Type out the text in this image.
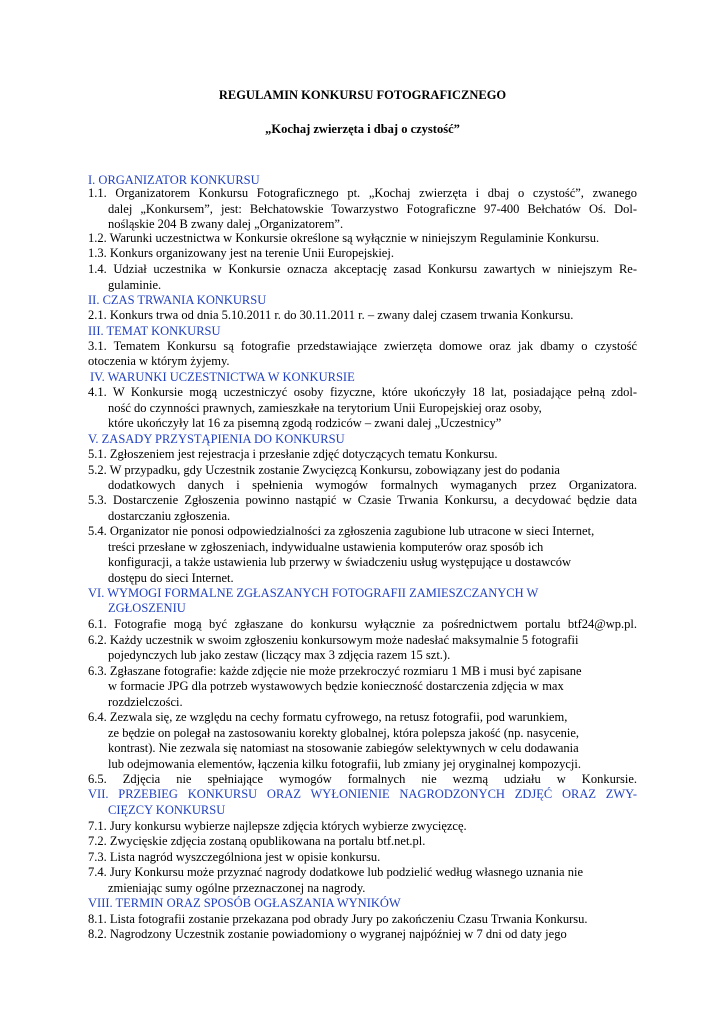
REGULAMIN KONKURSU FOTOGRAFICZNEGO
„Kochaj zwierzęta i dbaj o czystość”
I. ORGANIZATOR KONKURSU
1.1. Organizatorem Konkursu Fotograficznego pt. „Kochaj zwierzęta i dbaj o czystość”, zwanego
dalej „Konkursem”, jest: Bełchatowskie Towarzystwo Fotograficzne 97-400 Bełchatów Oś. Dol-
nośląskie 204 B zwany dalej „Organizatorem”.
1.2. Warunki uczestnictwa w Konkursie określone są wyłącznie w niniejszym Regulaminie Konkursu.
1.3. Konkurs organizowany jest na terenie Unii Europejskiej.
1.4. Udział uczestnika w Konkursie oznacza akceptację zasad Konkursu zawartych w niniejszym Re-
gulaminie.
II. CZAS TRWANIA KONKURSU
2.1. Konkurs trwa od dnia 5.10.2011 r. do 30.11.2011 r. – zwany dalej czasem trwania Konkursu.
III. TEMAT KONKURSU
3.1. Tematem Konkursu są fotografie przedstawiające zwierzęta domowe oraz jak dbamy o czystość
otoczenia w którym żyjemy.
IV. WARUNKI UCZESTNICTWA W KONKURSIE
4.1. W Konkursie mogą uczestniczyć osoby fizyczne, które ukończyły 18 lat, posiadające pełną zdol-
ność do czynności prawnych, zamieszkałe na terytorium Unii Europejskiej oraz osoby,
które ukończyły lat 16 za pisemną zgodą rodziców – zwani dalej „Uczestnicy”
V. ZASADY PRZYSTĄPIENIA DO KONKURSU
5.1. Zgłoszeniem jest rejestracja i przesłanie zdjęć dotyczących tematu Konkursu.
5.2. W przypadku, gdy Uczestnik zostanie Zwycięzcą Konkursu, zobowiązany jest do podania
dodatkowych danych i spełnienia wymogów formalnych wymaganych przez Organizatora.
5.3. Dostarczenie Zgłoszenia powinno nastąpić w Czasie Trwania Konkursu, a decydować będzie data
dostarczaniu zgłoszenia.
5.4. Organizator nie ponosi odpowiedzialności za zgłoszenia zagubione lub utracone w sieci Internet,
treści przesłane w zgłoszeniach, indywidualne ustawienia komputerów oraz sposób ich
konfiguracji, a także ustawienia lub przerwy w świadczeniu usług występujące u dostawców
dostępu do sieci Internet.
VI. WYMOGI FORMALNE ZGŁASZANYCH FOTOGRAFII ZAMIESZCZANYCH W
ZGŁOSZENIU
6.1. Fotografie mogą być zgłaszane do konkursu wyłącznie za pośrednictwem portalu btf24@wp.pl.
6.2. Każdy uczestnik w swoim zgłoszeniu konkursowym może nadesłać maksymalnie 5 fotografii
pojedynczych lub jako zestaw (liczący max 3 zdjęcia razem 15 szt.).
6.3. Zgłaszane fotografie: każde zdjęcie nie może przekroczyć rozmiaru 1 MB i musi być zapisane
w formacie JPG dla potrzeb wystawowych będzie konieczność dostarczenia zdjęcia w max
rozdzielczości.
6.4. Zezwala się, ze względu na cechy formatu cyfrowego, na retusz fotografii, pod warunkiem,
ze będzie on polegał na zastosowaniu korekty globalnej, która polepsza jakość (np. nasycenie,
kontrast). Nie zezwala się natomiast na stosowanie zabiegów selektywnych w celu dodawania
lub odejmowania elementów, łączenia kilku fotografii, lub zmiany jej oryginalnej kompozycji.
6.5. Zdjęcia nie spełniające wymogów formalnych nie wezmą udziału w Konkursie.
VII. PRZEBIEG KONKURSU ORAZ WYŁONIENIE NAGRODZONYCH ZDJĘĆ ORAZ ZWY-
CIĘZCY KONKURSU
7.1. Jury konkursu wybierze najlepsze zdjęcia których wybierze zwycięzcę.
7.2. Zwycięskie zdjęcia zostaną opublikowana na portalu btf.net.pl.
7.3. Lista nagród wyszczególniona jest w opisie konkursu.
7.4. Jury Konkursu może przyznać nagrody dodatkowe lub podzielić według własnego uznania nie
zmieniając sumy ogólne przeznaczonej na nagrody.
VIII. TERMIN ORAZ SPOSÓB OGŁASZANIA WYNIKÓW
8.1. Lista fotografii zostanie przekazana pod obrady Jury po zakończeniu Czasu Trwania Konkursu.
8.2. Nagrodzony Uczestnik zostanie powiadomiony o wygranej najpóźniej w 7 dni od daty jego
